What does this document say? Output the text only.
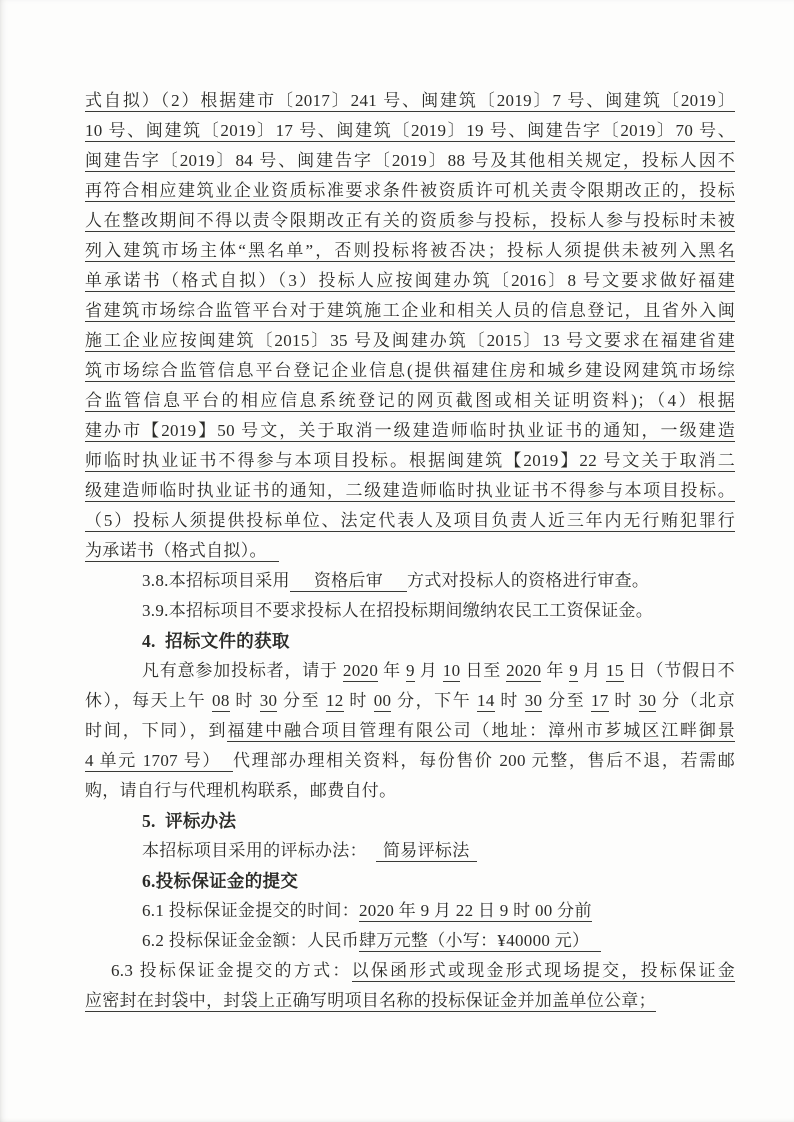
式自拟）（2）根据建市〔2017〕241 号、闽建筑〔2019〕7 号、闽建筑〔2019〕
10 号、闽建筑〔2019〕17 号、闽建筑〔2019〕19 号、闽建告字〔2019〕70 号、
闽建告字〔2019〕84 号、闽建告字〔2019〕88 号及其他相关规定，投标人因不
再符合相应建筑业企业资质标准要求条件被资质许可机关责令限期改正的，投标
人在整改期间不得以责令限期改正有关的资质参与投标，投标人参与投标时未被
列入建筑市场主体“黑名单”，否则投标将被否决；投标人须提供未被列入黑名
单承诺书（格式自拟）（3）投标人应按闽建办筑〔2016〕8 号文要求做好福建
省建筑市场综合监管平台对于建筑施工企业和相关人员的信息登记，且省外入闽
施工企业应按闽建筑〔2015〕35 号及闽建办筑〔2015〕13 号文要求在福建省建
筑市场综合监管信息平台登记企业信息(提供福建住房和城乡建设网建筑市场综
合监管信息平台的相应信息系统登记的网页截图或相关证明资料)；（4）根据
建办市【2019】50 号文，关于取消一级建造师临时执业证书的通知，一级建造
师临时执业证书不得参与本项目投标。根据闽建筑【2019】22 号文关于取消二
级建造师临时执业证书的通知，二级建造师临时执业证书不得参与本项目投标。
（5）投标人须提供投标单位、法定代表人及项目负责人近三年内无行贿犯罪行
为承诺书（格式自拟）。
3.8.本招标项目采用 资格后审 方式对投标人的资格进行审查。
3.9.本招标项目不要求投标人在招投标期间缴纳农民工工资保证金。
4.  招标文件的获取
凡有意参加投标者，请于 2020 年 9 月 10 日至 2020 年 9 月 15 日（节假日不
休），每天上午 08 时 30 分至 12 时 00 分，下午 14 时 30 分至 17 时 30 分（北京
时间，下同），到福建中融合项目管理有限公司（地址：漳州市芗城区江畔御景
4 单元 1707 号） 代理部办理相关资料，每份售价 200 元整，售后不退，若需邮
购，请自行与代理机构联系，邮费自付。
5.  评标办法
本招标项目采用的评标办法：  简易评标法
6.投标保证金的提交
6.1 投标保证金提交的时间：2020 年 9 月 22 日 9 时 00 分前
6.2 投标保证金金额：人民币肆万元整（小写：¥40000 元）
6.3 投标保证金提交的方式：以保函形式或现金形式现场提交，投标保证金
应密封在封袋中，封袋上正确写明项目名称的投标保证金并加盖单位公章；
